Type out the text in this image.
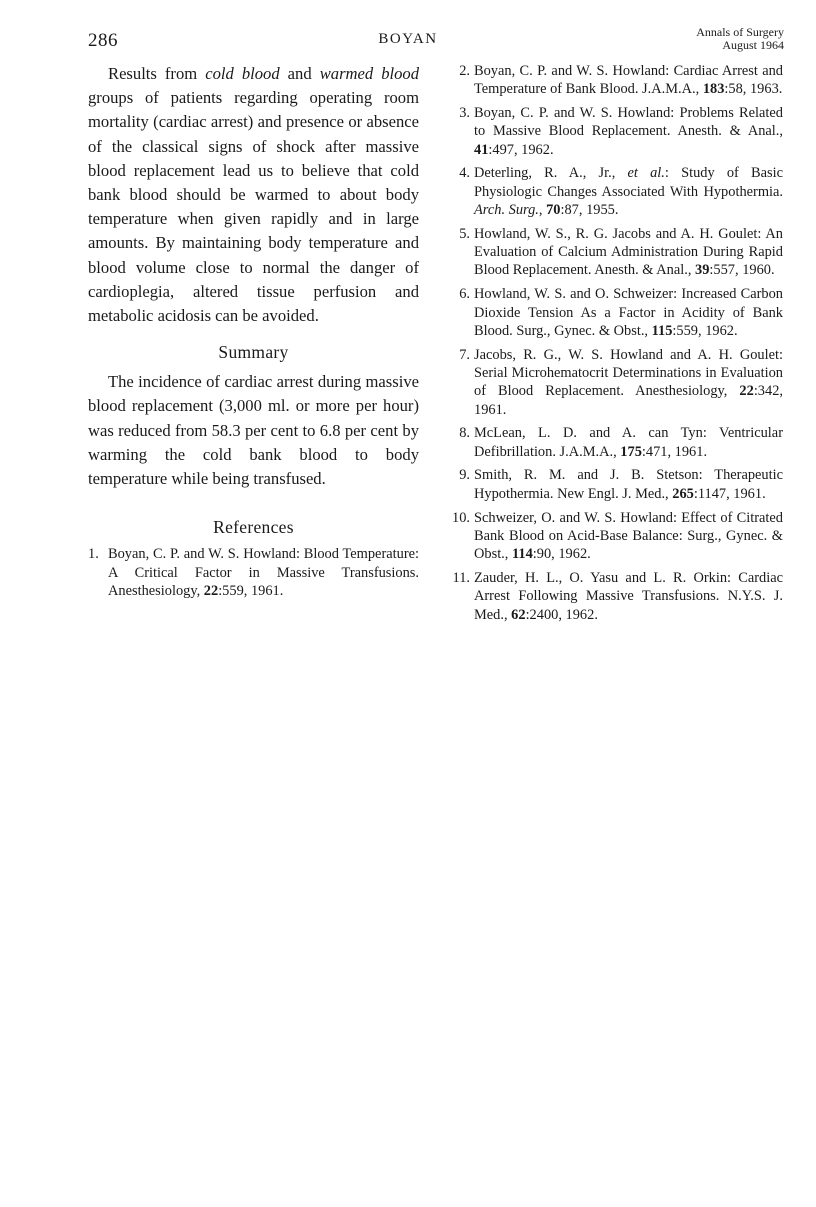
286	BOYAN	Annals of Surgery
August 1964

Results from cold blood and warmed blood groups of patients regarding operating room mortality (cardiac arrest) and presence or absence of the classical signs of shock after massive blood replacement lead us to believe that cold bank blood should be warmed to about body temperature when given rapidly and in large amounts. By maintaining body temperature and blood volume close to normal the danger of cardioplegia, altered tissue perfusion and metabolic acidosis can be avoided.

Summary

The incidence of cardiac arrest during massive blood replacement (3,000 ml. or more per hour) was reduced from 58.3 per cent to 6.8 per cent by warming the cold bank blood to body temperature while being transfused.

References
1. Boyan, C. P. and W. S. Howland: Blood Temperature: A Critical Factor in Massive Transfusions. Anesthesiology, 22:559, 1961.
2. Boyan, C. P. and W. S. Howland: Cardiac Arrest and Temperature of Bank Blood. J.A.M.A., 183:58, 1963.
3. Boyan, C. P. and W. S. Howland: Problems Related to Massive Blood Replacement. Anesth. & Anal., 41:497, 1962.
4. Deterling, R. A., Jr., et al.: Study of Basic Physiologic Changes Associated With Hypothermia. Arch. Surg., 70:87, 1955.
5. Howland, W. S., R. G. Jacobs and A. H. Goulet: An Evaluation of Calcium Administration During Rapid Blood Replacement. Anesth. & Anal., 39:557, 1960.
6. Howland, W. S. and O. Schweizer: Increased Carbon Dioxide Tension As a Factor in Acidity of Bank Blood. Surg., Gynec. & Obst., 115:559, 1962.
7. Jacobs, R. G., W. S. Howland and A. H. Goulet: Serial Microhematocrit Determinations in Evaluation of Blood Replacement. Anesthesiology, 22:342, 1961.
8. McLean, L. D. and A. can Tyn: Ventricular Defibrillation. J.A.M.A., 175:471, 1961.
9. Smith, R. M. and J. B. Stetson: Therapeutic Hypothermia. New Engl. J. Med., 265:1147, 1961.
10. Schweizer, O. and W. S. Howland: Effect of Citrated Bank Blood on Acid-Base Balance: Surg., Gynec. & Obst., 114:90, 1962.
11. Zauder, H. L., O. Yasu and L. R. Orkin: Cardiac Arrest Following Massive Transfusions. N.Y.S. J. Med., 62:2400, 1962.
